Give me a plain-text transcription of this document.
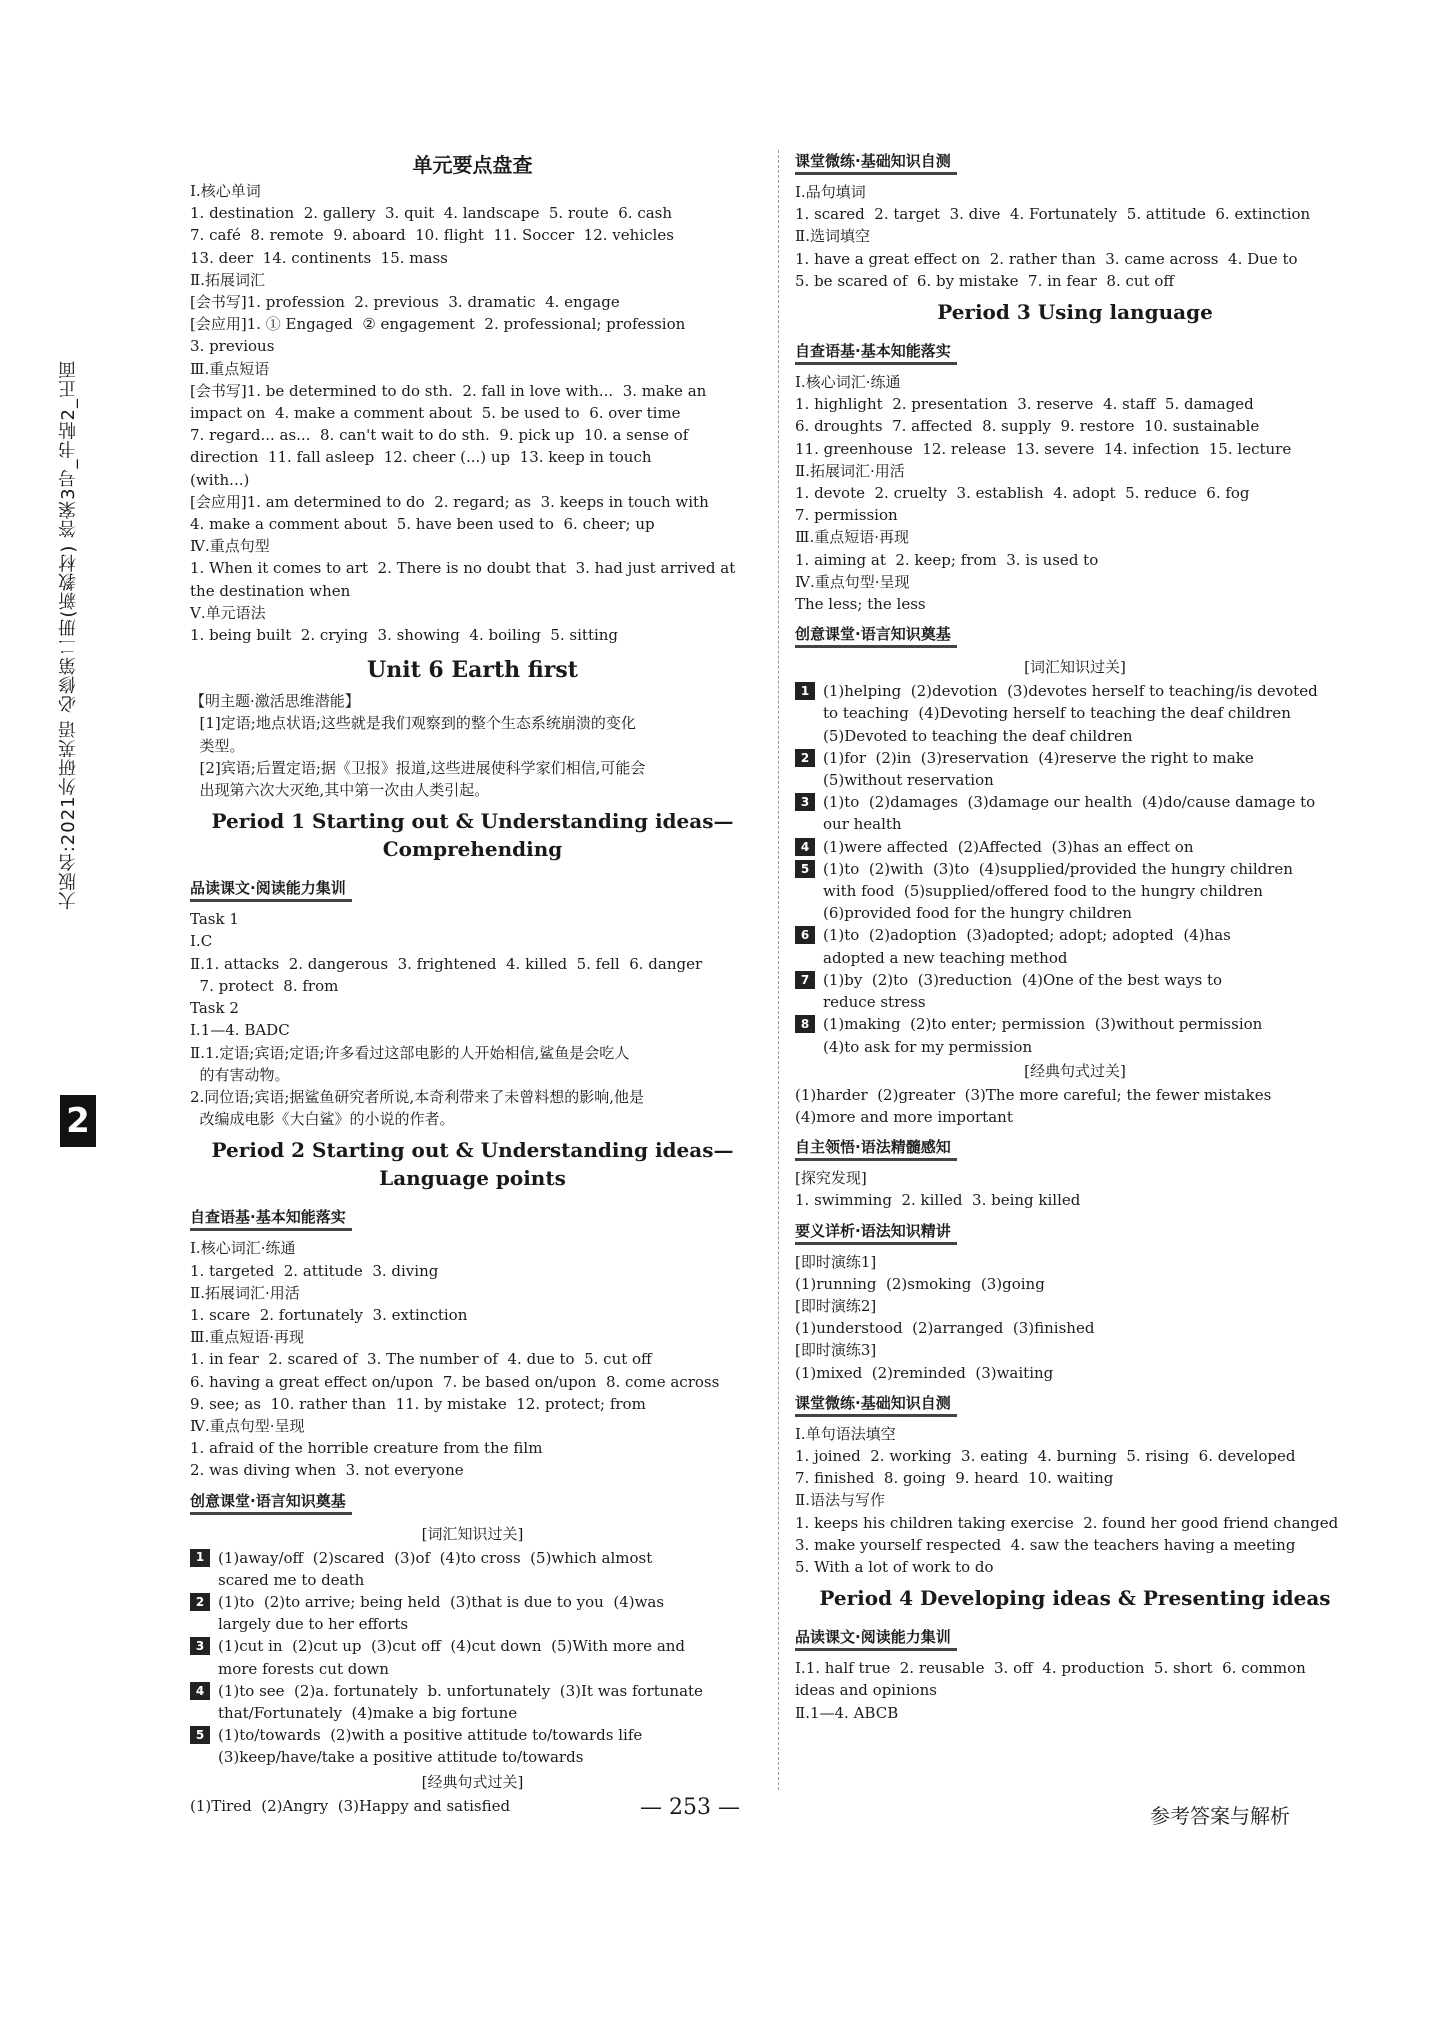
大版名:2021外研英语 必修第二册(新教材) 答案3号_书帖2_正面
2
单元要点盘查
Ⅰ.核心单词
1. destination  2. gallery  3. quit  4. landscape  5. route  6. cash
7. café  8. remote  9. aboard  10. flight  11. Soccer  12. vehicles
13. deer  14. continents  15. mass
Ⅱ.拓展词汇
[会书写]1. profession  2. previous  3. dramatic  4. engage
[会应用]1. ① Engaged  ② engagement  2. professional; profession
3. previous
Ⅲ.重点短语
[会书写]1. be determined to do sth.  2. fall in love with...  3. make an
impact on  4. make a comment about  5. be used to  6. over time
7. regard... as...  8. can't wait to do sth.  9. pick up  10. a sense of
direction  11. fall asleep  12. cheer (...) up  13. keep in touch
(with...)
[会应用]1. am determined to do  2. regard; as  3. keeps in touch with
4. make a comment about  5. have been used to  6. cheer; up
Ⅳ.重点句型
1. When it comes to art  2. There is no doubt that  3. had just arrived at
the destination when
Ⅴ.单元语法
1. being built  2. crying  3. showing  4. boiling  5. sitting
Unit 6 Earth first
【明主题·激活思维潜能】
[1]定语;地点状语;这些就是我们观察到的整个生态系统崩溃的变化
类型。
[2]宾语;后置定语;据《卫报》报道,这些进展使科学家们相信,可能会
出现第六次大灭绝,其中第一次由人类引起。
Period 1 Starting out & Understanding ideas—
Comprehending
品读课文·阅读能力集训
Task 1
Ⅰ.C
Ⅱ.1. attacks  2. dangerous  3. frightened  4. killed  5. fell  6. danger
7. protect  8. from
Task 2
Ⅰ.1—4. BADC
Ⅱ.1.定语;宾语;定语;许多看过这部电影的人开始相信,鲨鱼是会吃人
的有害动物。
2.同位语;宾语;据鲨鱼研究者所说,本奇利带来了未曾料想的影响,他是
改编成电影《大白鲨》的小说的作者。
Period 2 Starting out & Understanding ideas—
Language points
自查语基·基本知能落实
Ⅰ.核心词汇·练通
1. targeted  2. attitude  3. diving
Ⅱ.拓展词汇·用活
1. scare  2. fortunately  3. extinction
Ⅲ.重点短语·再现
1. in fear  2. scared of  3. The number of  4. due to  5. cut off
6. having a great effect on/upon  7. be based on/upon  8. come across
9. see; as  10. rather than  11. by mistake  12. protect; from
Ⅳ.重点句型·呈现
1. afraid of the horrible creature from the film
2. was diving when  3. not everyone
创意课堂·语言知识奠基
[词汇知识过关]
1 (1)away/off  (2)scared  (3)of  (4)to cross  (5)which almost
scared me to death
2 (1)to  (2)to arrive; being held  (3)that is due to you  (4)was
largely due to her efforts
3 (1)cut in  (2)cut up  (3)cut off  (4)cut down  (5)With more and
more forests cut down
4 (1)to see  (2)a. fortunately  b. unfortunately  (3)It was fortunate
that/Fortunately  (4)make a big fortune
5 (1)to/towards  (2)with a positive attitude to/towards life
(3)keep/have/take a positive attitude to/towards
[经典句式过关]
(1)Tired  (2)Angry  (3)Happy and satisfied
课堂微练·基础知识自测
Ⅰ.品句填词
1. scared  2. target  3. dive  4. Fortunately  5. attitude  6. extinction
Ⅱ.选词填空
1. have a great effect on  2. rather than  3. came across  4. Due to
5. be scared of  6. by mistake  7. in fear  8. cut off
Period 3 Using language
自查语基·基本知能落实
Ⅰ.核心词汇·练通
1. highlight  2. presentation  3. reserve  4. staff  5. damaged
6. droughts  7. affected  8. supply  9. restore  10. sustainable
11. greenhouse  12. release  13. severe  14. infection  15. lecture
Ⅱ.拓展词汇·用活
1. devote  2. cruelty  3. establish  4. adopt  5. reduce  6. fog
7. permission
Ⅲ.重点短语·再现
1. aiming at  2. keep; from  3. is used to
Ⅳ.重点句型·呈现
The less; the less
创意课堂·语言知识奠基
[词汇知识过关]
1 (1)helping  (2)devotion  (3)devotes herself to teaching/is devoted
to teaching  (4)Devoting herself to teaching the deaf children
(5)Devoted to teaching the deaf children
2 (1)for  (2)in  (3)reservation  (4)reserve the right to make
(5)without reservation
3 (1)to  (2)damages  (3)damage our health  (4)do/cause damage to
our health
4 (1)were affected  (2)Affected  (3)has an effect on
5 (1)to  (2)with  (3)to  (4)supplied/provided the hungry children
with food  (5)supplied/offered food to the hungry children
(6)provided food for the hungry children
6 (1)to  (2)adoption  (3)adopted; adopt; adopted  (4)has
adopted a new teaching method
7 (1)by  (2)to  (3)reduction  (4)One of the best ways to
reduce stress
8 (1)making  (2)to enter; permission  (3)without permission
(4)to ask for my permission
[经典句式过关]
(1)harder  (2)greater  (3)The more careful; the fewer mistakes
(4)more and more important
自主领悟·语法精髓感知
[探究发现]
1. swimming  2. killed  3. being killed
要义详析·语法知识精讲
[即时演练1]
(1)running  (2)smoking  (3)going
[即时演练2]
(1)understood  (2)arranged  (3)finished
[即时演练3]
(1)mixed  (2)reminded  (3)waiting
课堂微练·基础知识自测
Ⅰ.单句语法填空
1. joined  2. working  3. eating  4. burning  5. rising  6. developed
7. finished  8. going  9. heard  10. waiting
Ⅱ.语法与写作
1. keeps his children taking exercise  2. found her good friend changed
3. make yourself respected  4. saw the teachers having a meeting
5. With a lot of work to do
Period 4 Developing ideas & Presenting ideas
品读课文·阅读能力集训
Ⅰ.1. half true  2. reusable  3. off  4. production  5. short  6. common
ideas and opinions
Ⅱ.1—4. ABCB
— 253 —	参考答案与解析
